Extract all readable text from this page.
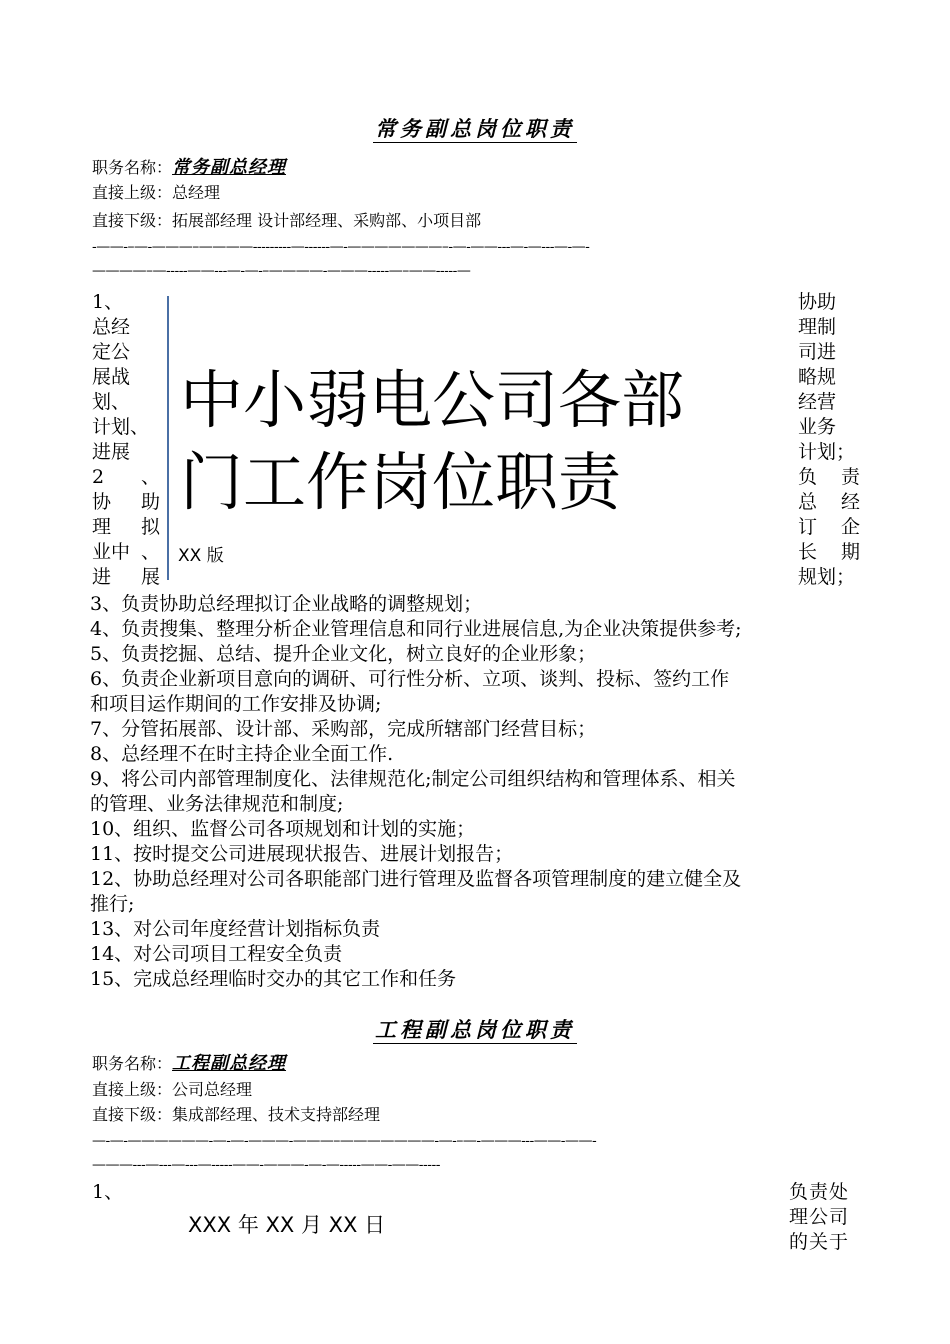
常务副总岗位职责
职务名称：常务副总经理
直接上级：总经理
直接下级：拓展部经理 设计部经理、采购部、小项目部
-——-–—-———–————---------—------—-———————–-—-——---—-—---—-—-
————–—-----——---—-—-–————-———-----—–——-----—
1、
总经
定公
展战
划、
计划、
进展
2 、
协 助
理 拟
业中 、
进 展
协助
理制
司进
略规
经营
业务
计划；
负 责
总 经
订 企
长 期
规划；
中小弱电公司各部
门工作岗位职责
XX 版

3、负责协助总经理拟订企业战略的调整规划；

4、负责搜集、整理分析企业管理信息和同行业进展信息,为企业决策提供参考;

5、负责挖掘、总结、提升企业文化，树立良好的企业形象；

6、负责企业新项目意向的调研、可行性分析、立项、谈判、投标、签约工作

和项目运作期间的工作安排及协调;

7、分管拓展部、设计部、采购部，完成所辖部门经营目标；

8、总经理不在时主持企业全面工作.

9、将公司内部管理制度化、法律规范化;制定公司组织结构和管理体系、相关

的管理、业务法律规范和制度;

10、组织、监督公司各项规划和计划的实施；

11、按时提交公司进展现状报告、进展计划报告；

12、协助总经理对公司各职能部门进行管理及监督各项管理制度的建立健全及

推行;

13、对公司年度经营计划指标负责

14、对公司项目工程安全负责

15、完成总经理临时交办的其它工作和任务

工程副总岗位职责
职务名称：工程副总经理
直接上级：公司总经理
直接下级：集成部经理、技术支持部经理
—-—-——————-—-—-———-———–———————-—-–—-———---——-——-
———---—---—---—-----——-———-—-—-----——-——-----
1、	负责处
理公司
的关于
XXX 年 XX 月 XX 日
